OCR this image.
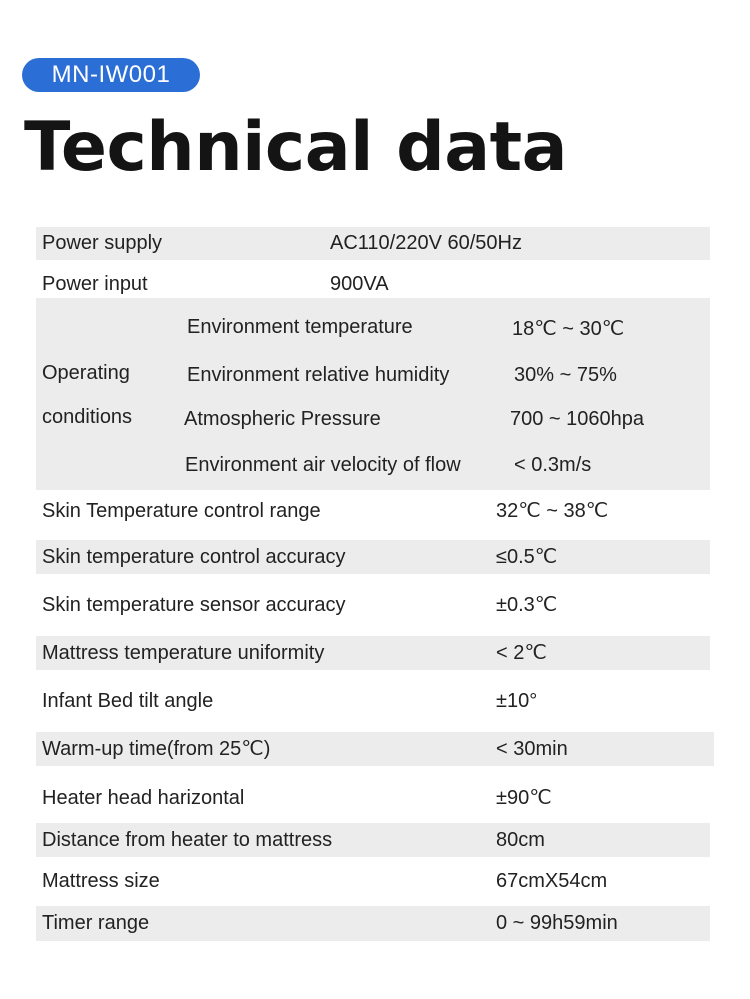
MN-IW001
Technical data
Power supply	AC110/220V 60/50Hz
Power input	900VA
Operating
conditions
Environment temperature	18℃ ~ 30℃
Environment relative humidity	30% ~ 75%
Atmospheric Pressure	700 ~ 1060hpa
Environment air velocity of flow	< 0.3m/s
Skin Temperature control range	32℃ ~ 38℃
Skin temperature control accuracy	≤0.5℃
Skin temperature sensor accuracy	±0.3℃
Mattress temperature uniformity	< 2℃
Infant Bed tilt angle	±10°
Warm-up time(from 25℃)	< 30min
Heater head harizontal	±90℃
Distance from heater to mattress	80cm
Mattress size	67cmX54cm
Timer range	0 ~ 99h59min
